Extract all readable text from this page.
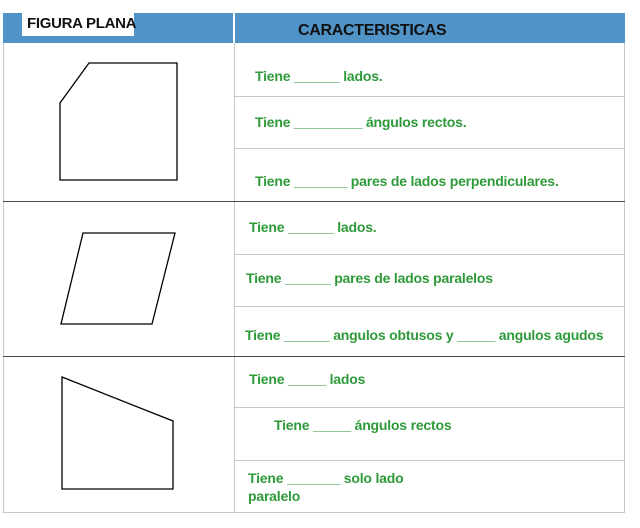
FIGURA PLANA	CARACTERISTICAS
Tiene ______ lados.
Tiene _________ ángulos rectos.
Tiene _______ pares de lados perpendiculares.
Tiene ______ lados.
Tiene ______ pares de lados paralelos
Tiene ______ angulos obtusos y _____ angulos agudos
Tiene _____ lados
Tiene _____ ángulos rectos
Tiene _______ solo lado paralelo
